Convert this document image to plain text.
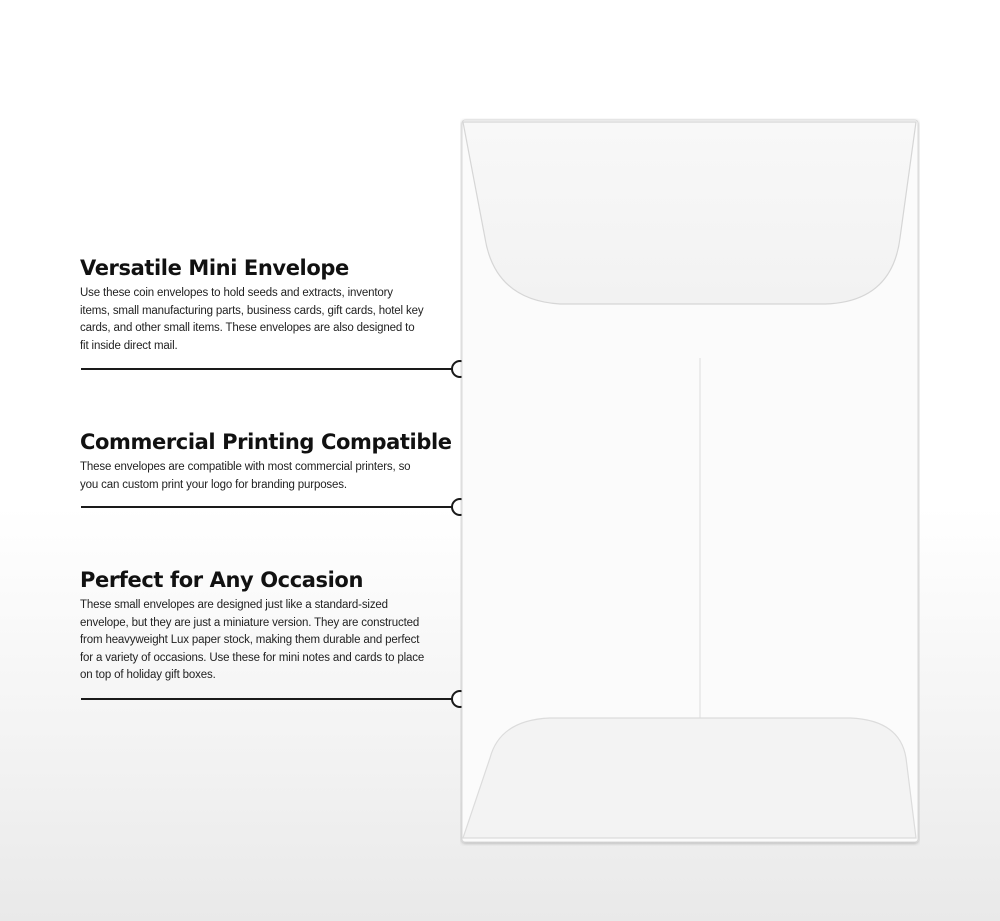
Versatile Mini Envelope

Use these coin envelopes to hold seeds and extracts, inventory items, small manufacturing parts, business cards, gift cards, hotel key cards, and other small items. These envelopes are also designed to fit inside direct mail.

Commercial Printing Compatible

These envelopes are compatible with most commercial printers, so you can custom print your logo for branding purposes.

Perfect for Any Occasion

These small envelopes are designed just like a standard-sized envelope, but they are just a miniature version. They are constructed from heavyweight Lux paper stock, making them durable and perfect for a variety of occasions. Use these for mini notes and cards to place on top of holiday gift boxes.
